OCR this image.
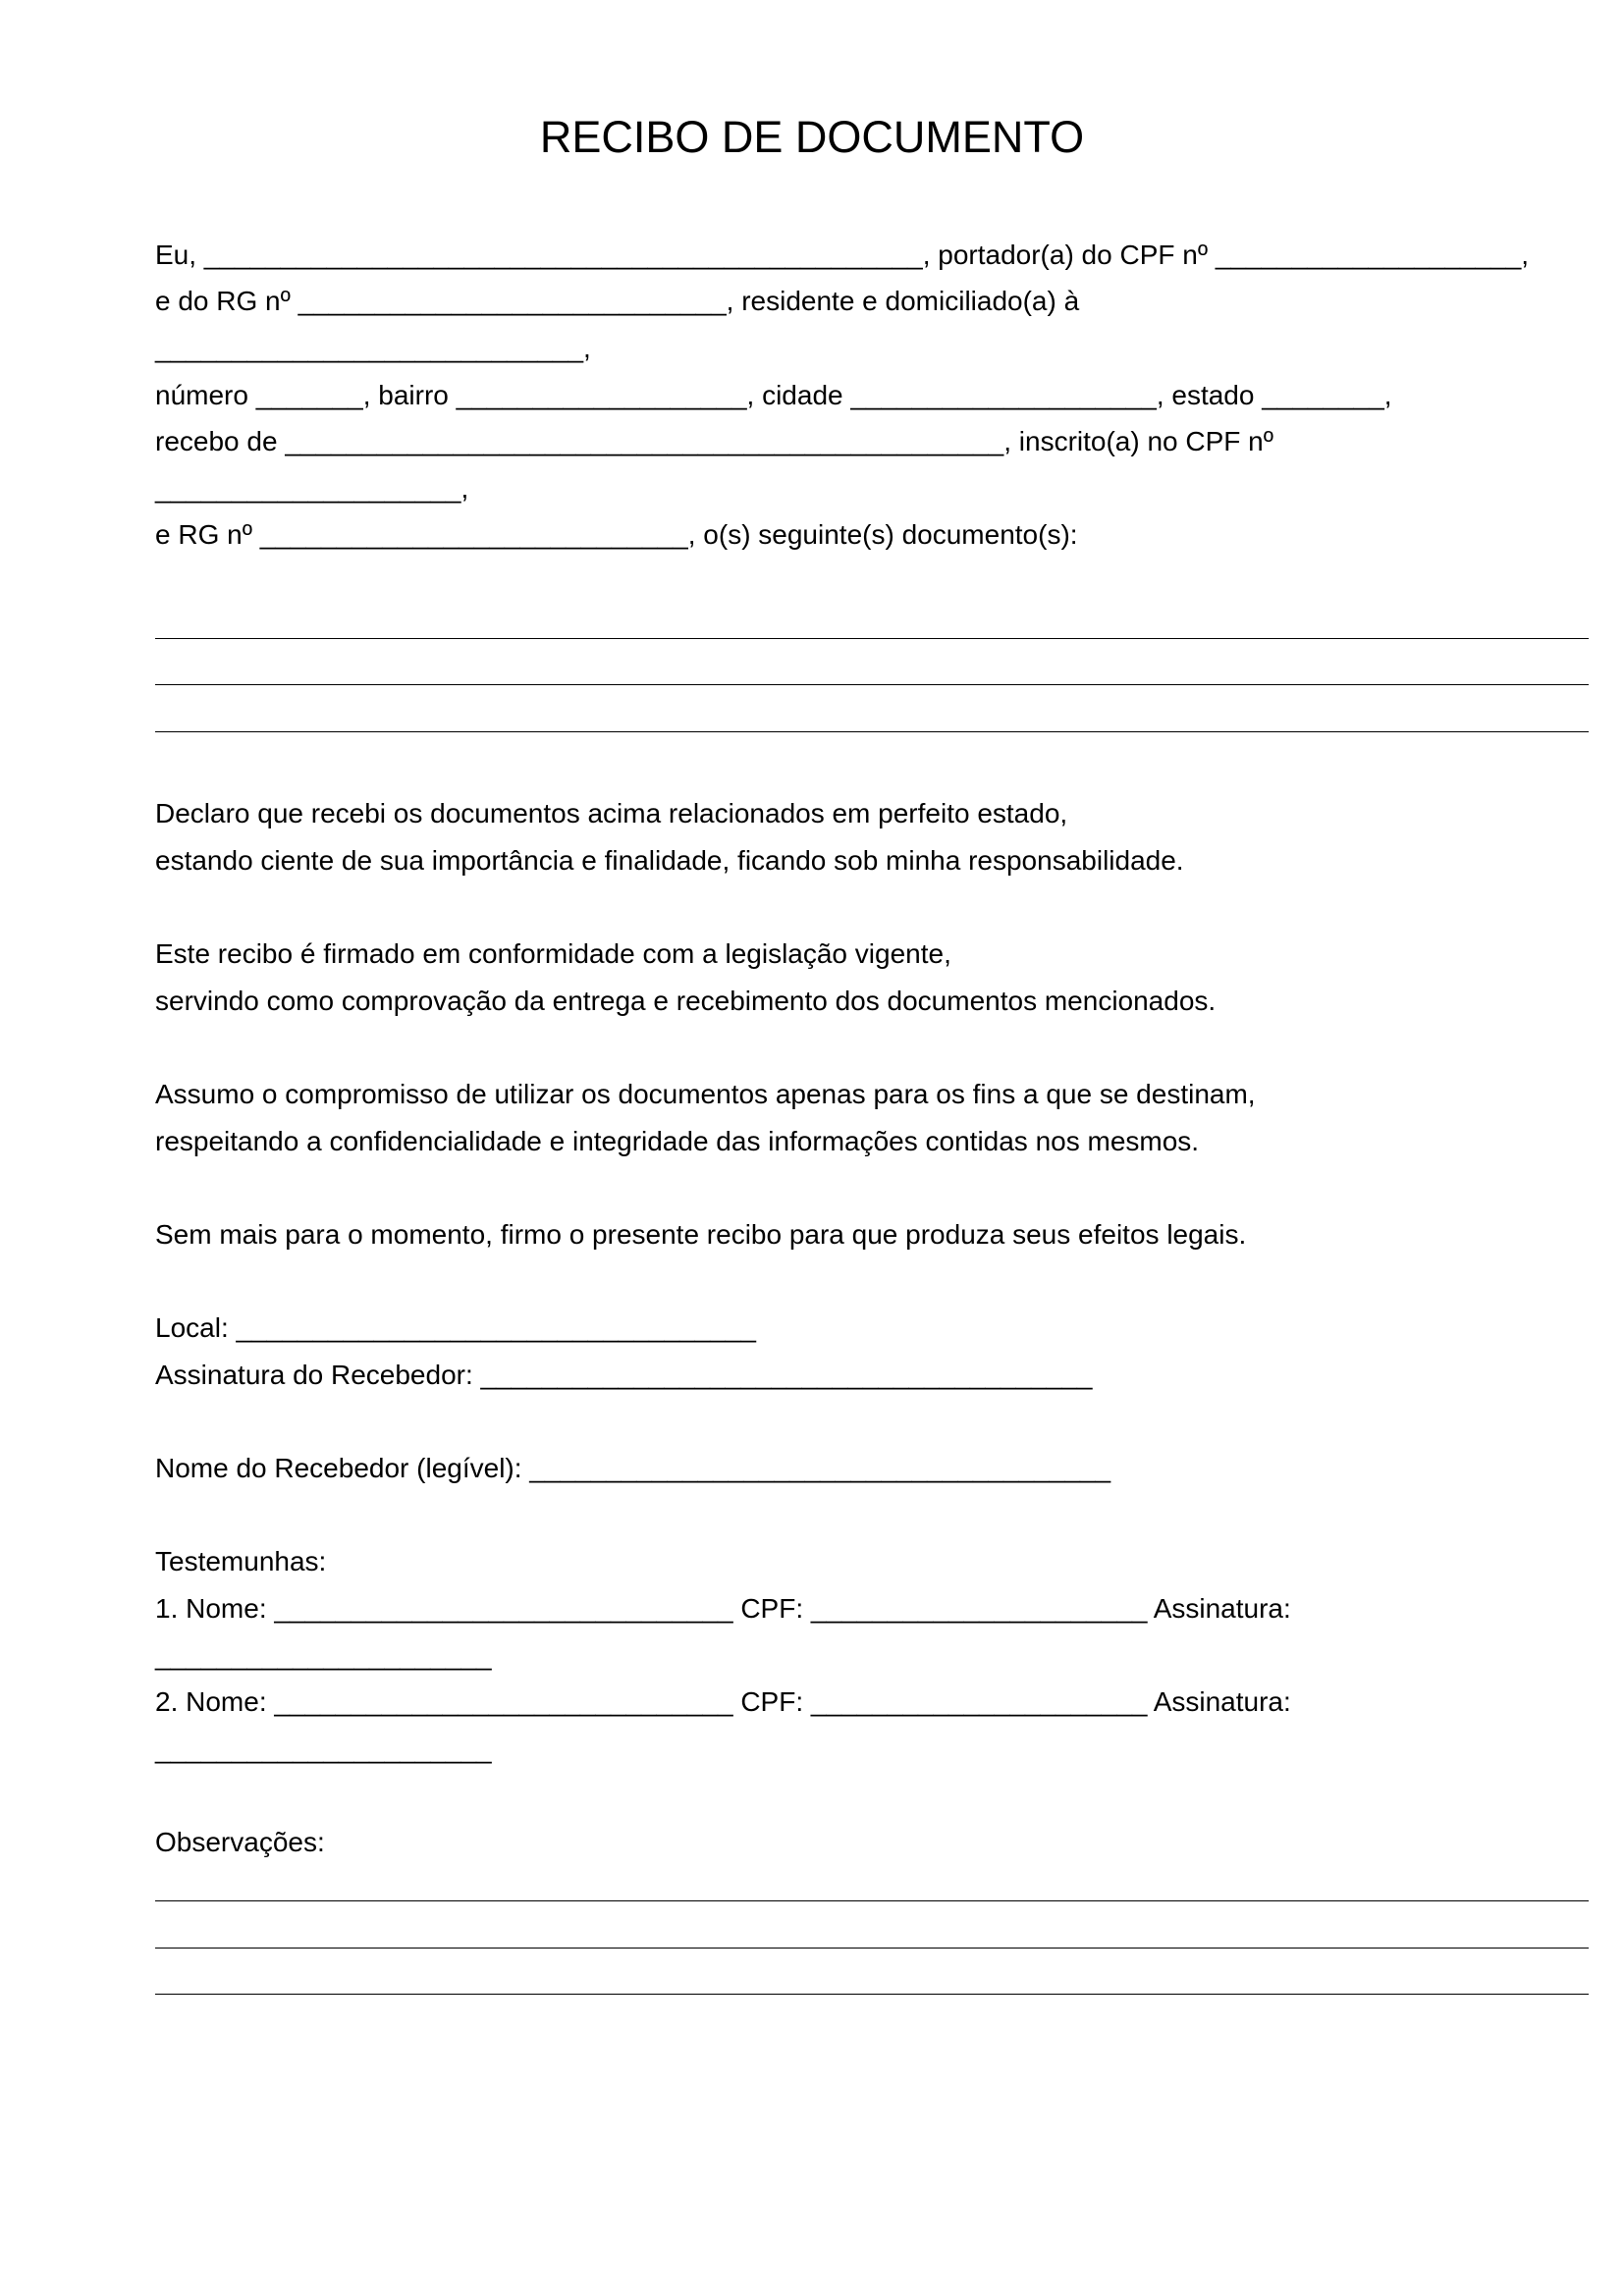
RECIBO DE DOCUMENTO
Eu, _______________________________________________, portador(a) do CPF nº ____________________,
e do RG nº ____________________________, residente e domiciliado(a) à
____________________________,
número _______, bairro ___________________, cidade ____________________, estado ________,
recebo de _______________________________________________, inscrito(a) no CPF nº
____________________,
e RG nº ____________________________, o(s) seguinte(s) documento(s):
Declaro que recebi os documentos acima relacionados em perfeito estado,
estando ciente de sua importância e finalidade, ficando sob minha responsabilidade.
Este recibo é firmado em conformidade com a legislação vigente,
servindo como comprovação da entrega e recebimento dos documentos mencionados.
Assumo o compromisso de utilizar os documentos apenas para os fins a que se destinam,
respeitando a confidencialidade e integridade das informações contidas nos mesmos.
Sem mais para o momento, firmo o presente recibo para que produza seus efeitos legais.
Local: __________________________________
Assinatura do Recebedor: ________________________________________
Nome do Recebedor (legível): ______________________________________
Testemunhas:
1. Nome: ______________________________ CPF: ______________________ Assinatura:
______________________
2. Nome: ______________________________ CPF: ______________________ Assinatura:
______________________
Observações:
